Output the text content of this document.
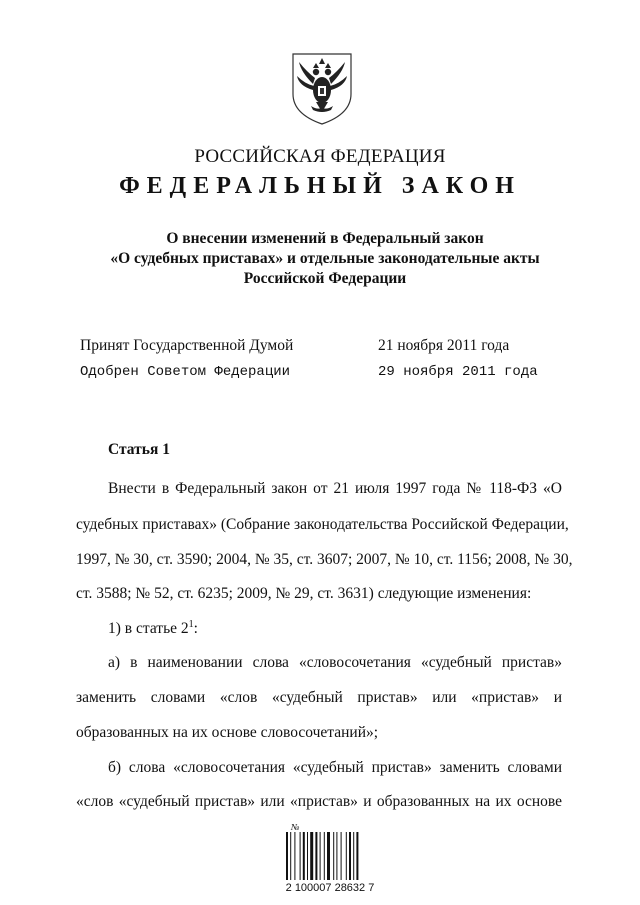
РОССИЙСКАЯ ФЕДЕРАЦИЯ
ФЕДЕРАЛЬНЫЙ ЗАКОН
О внесении изменений в Федеральный закон
«О судебных приставах» и отдельные законодательные акты
Российской Федерации
Принят Государственной Думой	21 ноября 2011 года
Одобрен Советом Федерации	29 ноября 2011 года
Статья 1
Внести в Федеральный закон от 21 июля 1997 года № 118-ФЗ «О
судебных приставах» (Собрание законодательства Российской Федерации,
1997, № 30, ст. 3590; 2004, № 35, ст. 3607; 2007, № 10, ст. 1156; 2008, № 30,
ст. 3588; № 52, ст. 6235; 2009, № 29, ст. 3631) следующие изменения:
1) в статье $2^1$:
а) в наименовании слова «словосочетания «судебный пристав»
заменить словами «слов «судебный пристав» или «пристав» и
образованных на их основе словосочетаний»;
б) слова «словосочетания «судебный пристав» заменить словами
«слов «судебный пристав» или «пристав» и образованных на их основе
№
2 100007 28632 7
